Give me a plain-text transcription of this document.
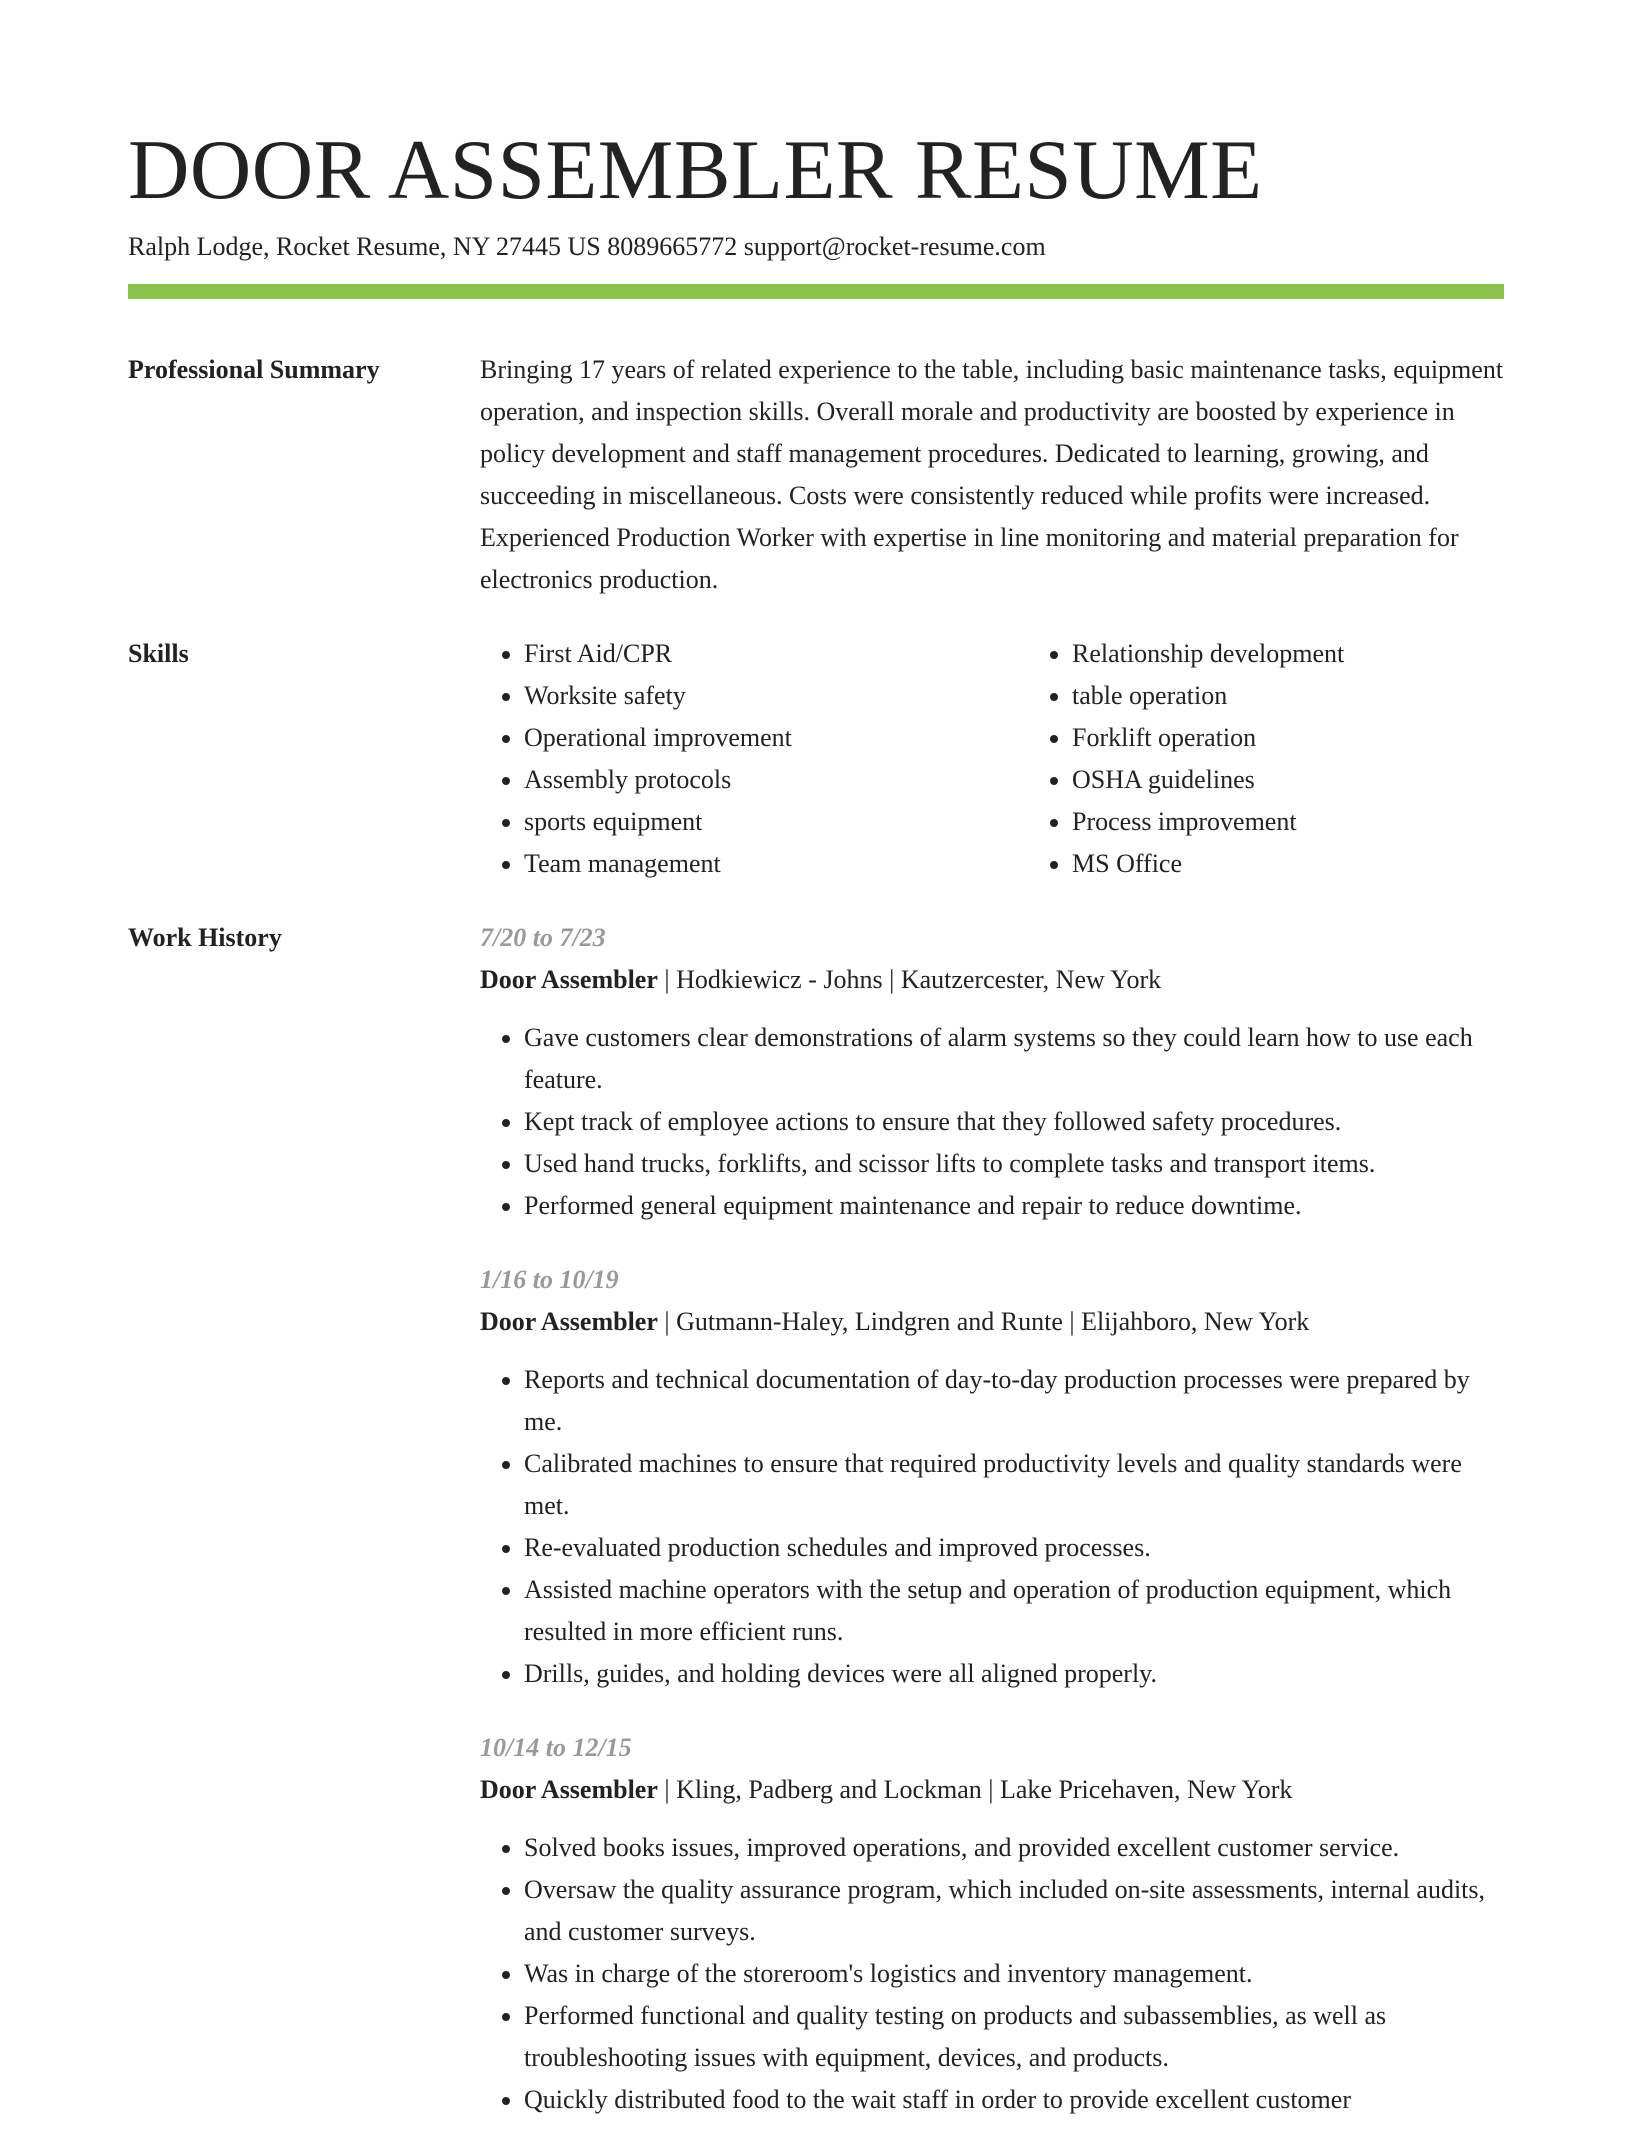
DOOR ASSEMBLER RESUME
Ralph Lodge, Rocket Resume, NY 27445 US 8089665772 support@rocket-resume.com
Professional Summary	Bringing 17 years of related experience to the table, including basic maintenance tasks, equipment operation, and inspection skills. Overall morale and productivity are boosted by experience in policy development and staff management procedures. Dedicated to learning, growing, and succeeding in miscellaneous. Costs were consistently reduced while profits were increased. Experienced Production Worker with expertise in line monitoring and material preparation for electronics production.
Skills
•	First Aid/CPR
• Worksite safety
• Operational improvement
• Assembly protocols
• sports equipment
• Team management
• Relationship development
• table operation
• Forklift operation
• OSHA guidelines
• Process improvement
• MS Office
Work History	7/20 to 7/23
Door Assembler | Hodkiewicz - Johns | Kautzercester, New York
• Gave customers clear demonstrations of alarm systems so they could learn how to use each feature.
• Kept track of employee actions to ensure that they followed safety procedures.
• Used hand trucks, forklifts, and scissor lifts to complete tasks and transport items.
• Performed general equipment maintenance and repair to reduce downtime.
1/16 to 10/19
Door Assembler | Gutmann-Haley, Lindgren and Runte | Elijahboro, New York
• Reports and technical documentation of day-to-day production processes were prepared by me.
• Calibrated machines to ensure that required productivity levels and quality standards were met.
• Re-evaluated production schedules and improved processes.
• Assisted machine operators with the setup and operation of production equipment, which resulted in more efficient runs.
• Drills, guides, and holding devices were all aligned properly.
10/14 to 12/15
Door Assembler | Kling, Padberg and Lockman | Lake Pricehaven, New York
• Solved books issues, improved operations, and provided excellent customer service.
• Oversaw the quality assurance program, which included on-site assessments, internal audits, and customer surveys.
• Was in charge of the storeroom's logistics and inventory management.
• Performed functional and quality testing on products and subassemblies, as well as troubleshooting issues with equipment, devices, and products.
• Quickly distributed food to the wait staff in order to provide excellent customer
